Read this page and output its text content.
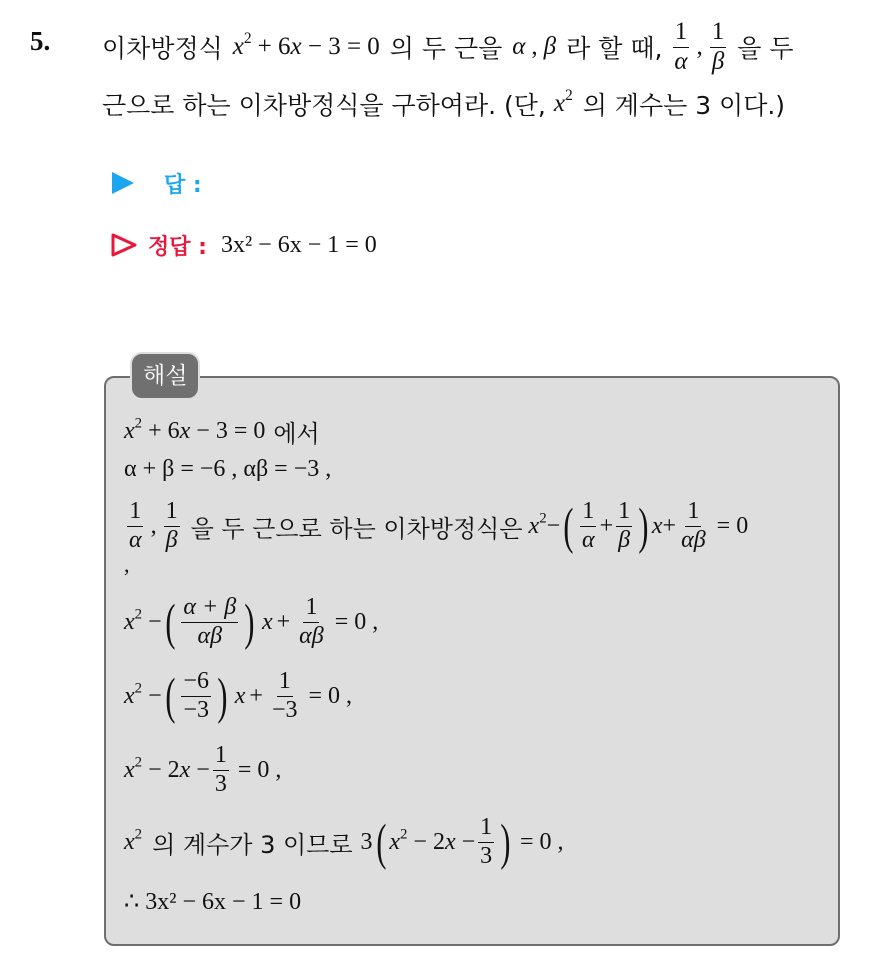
5. 이차방정식 $x^2 + 6x - 3 = 0$ 의 두 근을 α , β 라 할 때, $\frac{1}{\alpha}$ , $\frac{1}{\beta}$ 을 두
근으로 하는 이차방정식을 구하여라. (단, $x^2$ 의 계수는 3 이다.)
답 :
정답 : 3x² − 6x − 1 = 0
해설
$x^2 + 6x - 3 = 0$ 에서
α + β = −6 , αβ = −3 ,
$\frac{1}{\alpha}$ , $\frac{1}{\beta}$ 을 두 근으로 하는 이차방정식은 $x^2$ − ( $\frac{1}{\alpha} + \frac{1}{\beta}$ ) $x + \frac{1}{\alpha\beta} = 0$
,
$x^2$ − ( $\frac{\alpha + \beta}{\alpha\beta}$ ) $x + \frac{1}{\alpha\beta} = 0$ ,
$x^2$ − ( $\frac{-6}{-3}$ ) $x + \frac{1}{-3} = 0$ ,
$x^2 - 2x - \frac{1}{3} = 0$ ,
$x^2$ 의 계수가 3 이므로 3 ( $x^2 - 2x - \frac{1}{3}$ ) = 0 ,
∴ 3x² − 6x − 1 = 0
